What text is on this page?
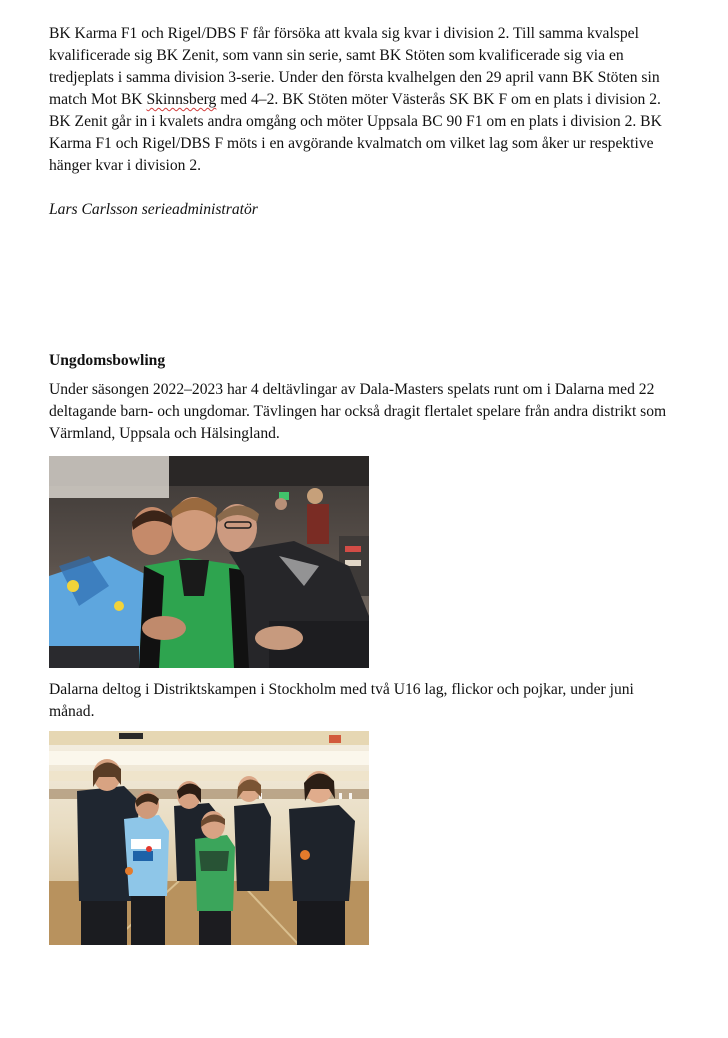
BK Karma F1 och Rigel/DBS F får försöka att kvala sig kvar i division 2. Till samma kvalspel kvalificerade sig BK Zenit, som vann sin serie, samt BK Stöten som kvalificerade sig via en tredjeplats i samma division 3-serie. Under den första kvalhelgen den 29 april vann BK Stöten sin match Mot BK Skinnsberg med 4–2. BK Stöten möter Västerås SK BK F om en plats i division 2. BK Zenit går in i kvalets andra omgång och möter Uppsala BC 90 F1 om en plats i division 2. BK Karma F1 och Rigel/DBS F möts i en avgörande kvalmatch om vilket lag som åker ur respektive hänger kvar i division 2.

Lars Carlsson serieadministratör

Ungdomsbowling

Under säsongen 2022–2023 har 4 deltävlingar av Dala-Masters spelats runt om i Dalarna med 22 deltagande barn- och ungdomar. Tävlingen har också dragit flertalet spelare från andra distrikt som Värmland, Uppsala och Hälsingland.

Dalarna deltog i Distriktskampen i Stockholm med två U16 lag, flickor och pojkar, under juni månad.
